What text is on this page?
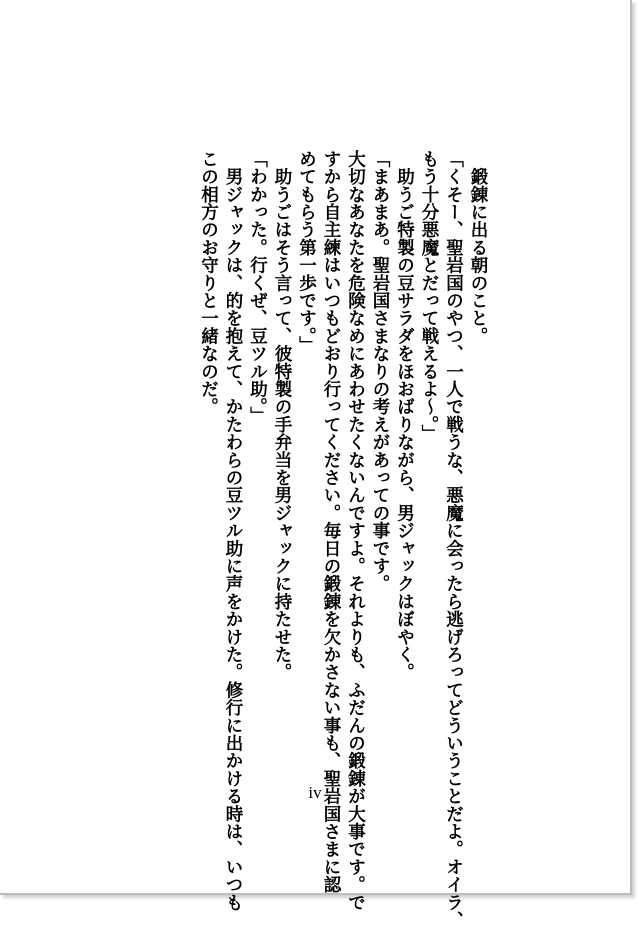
　鍛錬に出る朝のこと。
「くそー、聖岩国のやつ、一人で戦うな、悪魔に会ったら逃げろってどういうことだよ。オイラ、
もう十分悪魔とだって戦えるよ～。」
　助うご特製の豆サラダをほおばりながら、男ジャックはぼやく。
「まあまあ。聖岩国さまなりの考えがあっての事です。
大切なあなたを危険なめにあわせたくないんですよ。それよりも、ふだんの鍛錬が大事です。で
すから自主練はいつもどおり行ってください。毎日の鍛錬を欠かさない事も、聖岩国さまに認
めてもらう第一歩です。」
　助うごはそう言って、彼特製の手弁当を男ジャックに持たせた。
「わかった。行くぜ、豆ツル助。」
　男ジャックは、的を抱えて、かたわらの豆ツル助に声をかけた。修行に出かける時は、いつも
この相方のお守りと一緒なのだ。
iv
